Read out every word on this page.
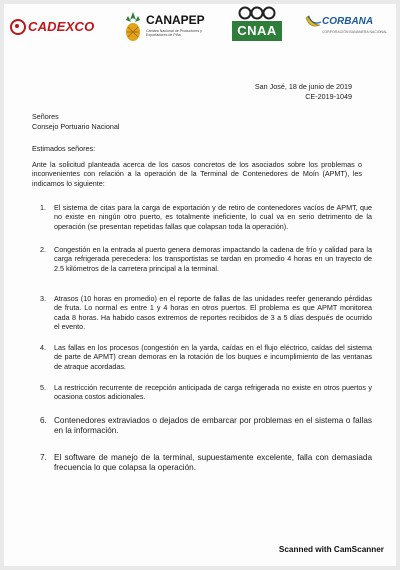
CADEXCO	CANAPEP
Cámara Nacional de Productores y Exportadores de Piña	CNAA
CORBANA
CORPORACIÓN BANANERA NACIONAL
San José, 18 de junio de 2019
CE-2019-1049
Señores
Consejo Portuario Nacional
Estimados señores:
Ante la solicitud planteada acerca de los casos concretos de los asociados sobre los problemas o inconvenientes con relación a la operación de la Terminal de Contenedores de Moín (APMT), les indicamos lo siguiente:
1. El sistema de citas para la carga de exportación y de retiro de contenedores vacíos de APMT, que no existe en ningún otro puerto, es totalmente ineficiente, lo cual va en serio detrimento de la operación (se presentan repetidas fallas que colapsan toda la operación).
2. Congestión en la entrada al puerto genera demoras impactando la cadena de frío y calidad para la carga refrigerada perecedera: los transportistas se tardan en promedio 4 horas en un trayecto de 2.5 kilómetros de la carretera principal a la terminal.
3. Atrasos (10 horas en promedio) en el reporte de fallas de las unidades reefer generando pérdidas de fruta. Lo normal es entre 1 y 4 horas en otros puertos. El problema es que APMT monitorea cada 8 horas. Ha habido casos extremos de reportes recibidos de 3 a 5 días después de ocurrido el evento.
4. Las fallas en los procesos (congestión en la yarda, caídas en el flujo eléctrico, caídas del sistema de parte de APMT) crean demoras en la rotación de los buques e incumplimiento de las ventanas de atraque acordadas.
5. La restricción recurrente de recepción anticipada de carga refrigerada no existe en otros puertos y ocasiona costos adicionales.
6. Contenedores extraviados o dejados de embarcar por problemas en el sistema o fallas en la información.
7. El software de manejo de la terminal, supuestamente excelente, falla con demasiada frecuencia lo que colapsa la operación.
Scanned with CamScanner
